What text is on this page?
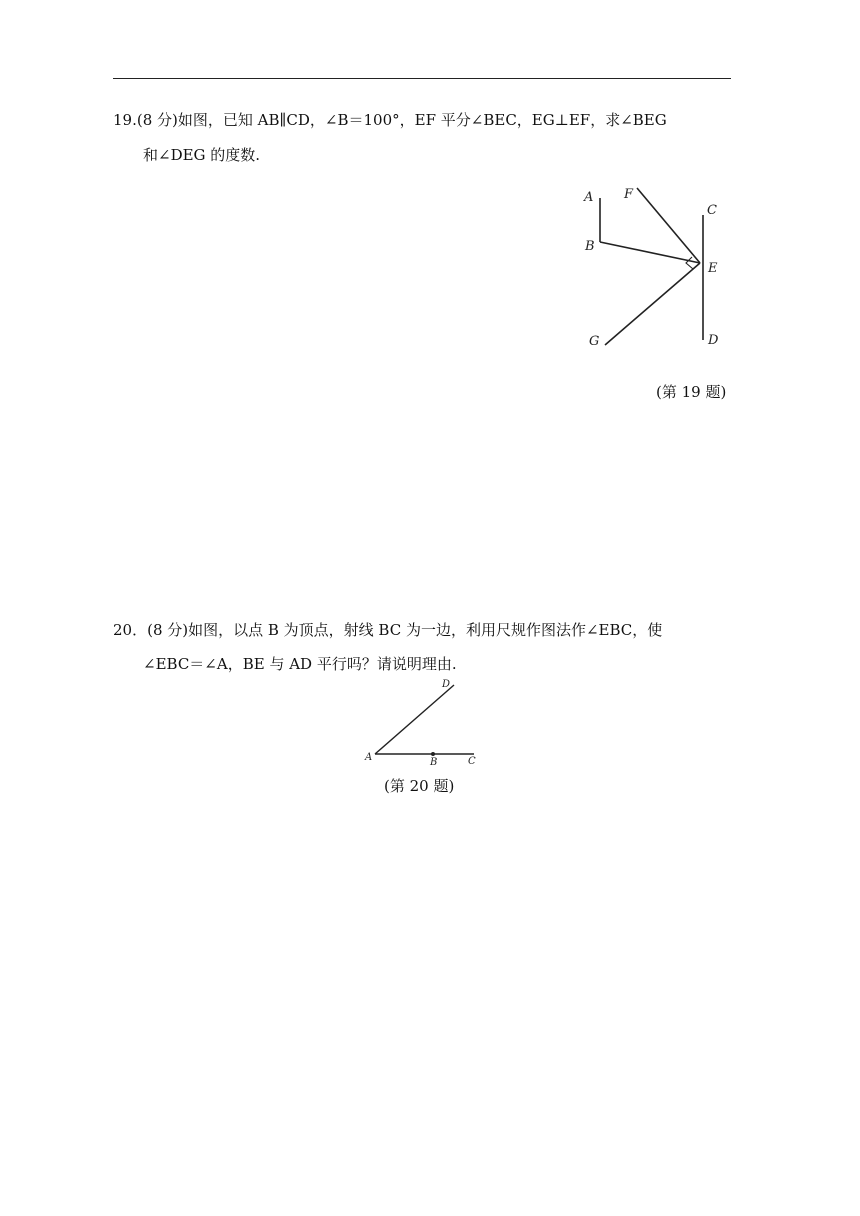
19.(8 分)如图，已知 AB∥CD，∠B＝100°，EF 平分∠BEC，EG⊥EF，求∠BEG
和∠DEG 的度数.
A F
C
B
E
G	D
(第 19 题)
20．(8 分)如图，以点 B 为顶点，射线 BC 为一边，利用尺规作图法作∠EBC，使
∠EBC＝∠A，BE 与 AD 平行吗？请说明理由.
D
A	B	C
(第 20 题)
